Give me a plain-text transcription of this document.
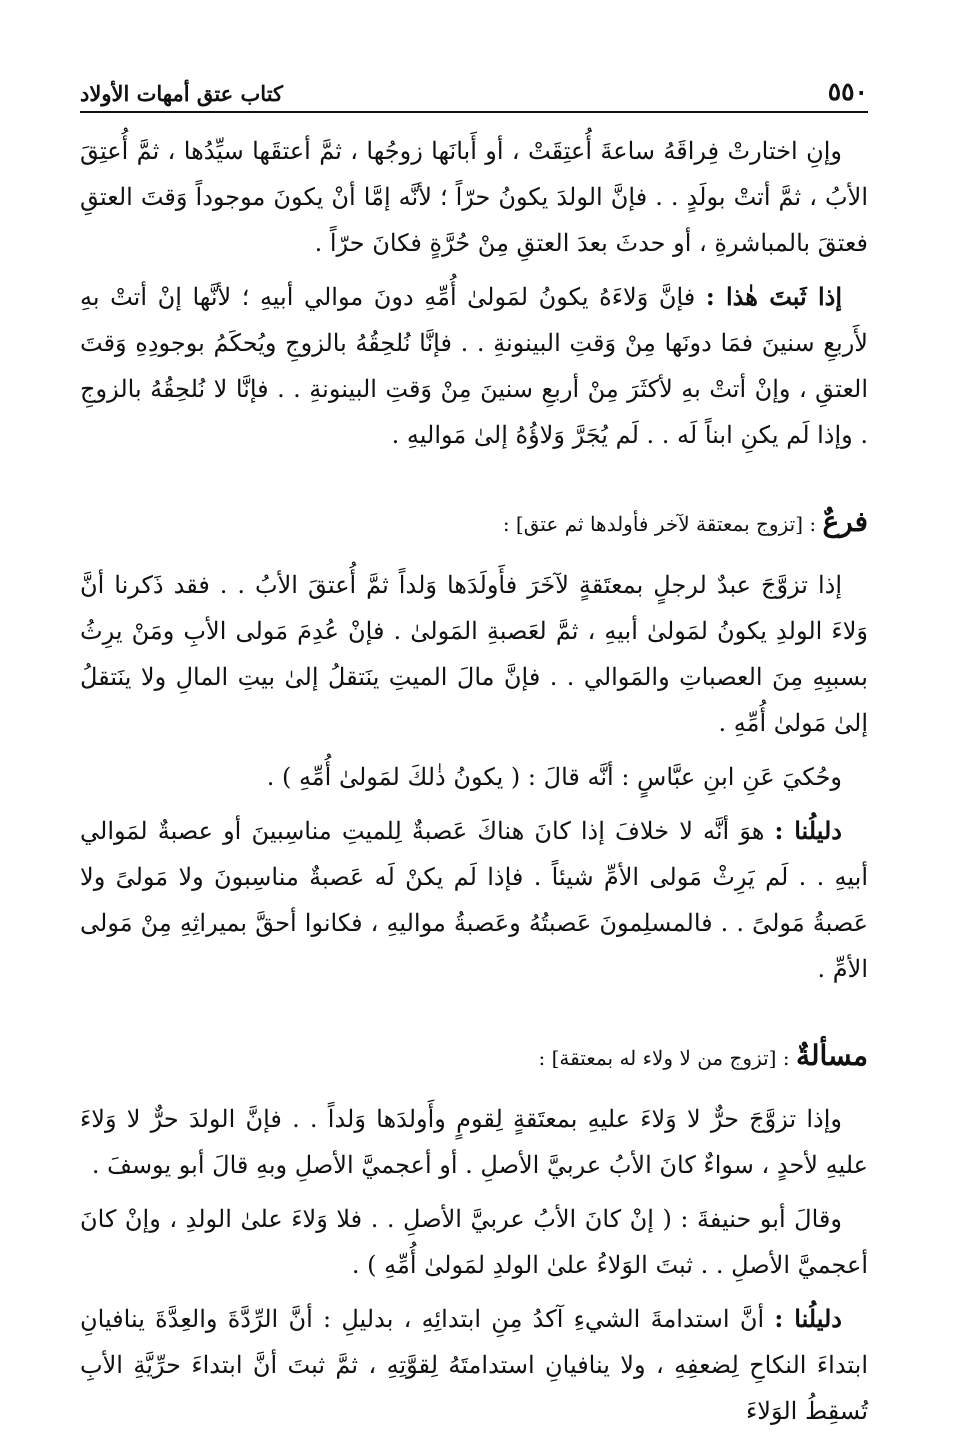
٥٥٠
كتاب عتق أمهات الأولاد

وإنِ اختارتْ فِراقَهُ ساعةَ أُعتِقَتْ ، أو أَبانَها زوجُها ، ثمَّ أعتقَها سيِّدُها ، ثمَّ أُعتِقَ الأبُ ، ثمَّ أتتْ بولَدٍ . . فإنَّ الولدَ يكونُ حرّاً ؛ لأنَّه إمَّا أنْ يكونَ موجوداً وَقتَ العتقِ فعتقَ بالمباشرةِ ، أو حدثَ بعدَ العتقِ مِنْ حُرَّةٍ فكانَ حرّاً .

إذا ثَبتَ هٰذا : فإنَّ وَلاءَهُ يكونُ لمَولىٰ أُمِّهِ دونَ موالي أبيهِ ؛ لأنَّها إنْ أتتْ بهِ لأَربعِ سنينَ فمَا دونَها مِنْ وَقتِ البينونةِ . . فإنَّا نُلحِقُهُ بالزوجِ ويُحكَمُ بوجودِهِ وَقتَ العتقِ ، وإنْ أتتْ بهِ لأكثَرَ مِنْ أربعِ سنينَ مِنْ وَقتِ البينونةِ . . فإنَّا لا نُلحِقُهُ بالزوجِ . وإذا لَم يكنِ ابناً لَه . . لَم يُجَرَّ وَلاؤُهُ إلىٰ مَواليهِ .

فرعٌ : [تزوج بمعتقة لآخر فأولدها ثم عتق] :

إذا تزوَّجَ عبدٌ لرجلٍ بمعتَقةٍ لآخَرَ فأَولَدَها وَلداً ثمَّ أُعتقَ الأبُ . . فقد ذَكرنا أنَّ وَلاءَ الولدِ يكونُ لمَولىٰ أبيهِ ، ثمَّ لعَصبةِ المَولىٰ . فإنْ عُدِمَ مَولى الأبِ ومَنْ يرِثُ بسببِهِ مِنَ العصباتِ والمَوالي . . فإنَّ مالَ الميتِ ينَتقلُ إلىٰ بيتِ المالِ ولا ينَتقلُ إلىٰ مَولىٰ أُمِّهِ .

وحُكيَ عَنِ ابنِ عبَّاسٍ : أنَّه قالَ : ( يكونُ ذٰلكَ لمَولىٰ أُمِّهِ ) .

دليلُنا : هوَ أنَّه لا خلافَ إذا كانَ هناكَ عَصبةٌ لِلميتِ مناسِبينَ أو عصبةٌ لمَوالي أبيهِ . . لَم يَرِثْ مَولى الأمِّ شيئاً . فإذا لَم يكنْ لَه عَصبةٌ مناسِبونَ ولا مَولىً ولا عَصبةُ مَولىً . . فالمسلِمونَ عَصبتُهُ وعَصبةُ مواليهِ ، فكانوا أحقَّ بميراثِهِ مِنْ مَولى الأمِّ .

مسألةٌ : [تزوج من لا ولاء له بمعتقة] :

وإذا تزوَّجَ حرٌّ لا وَلاءَ عليهِ بمعتَقةٍ لِقومٍ وأَولدَها وَلداً . . فإنَّ الولدَ حرٌّ لا وَلاءَ عليهِ لأحدٍ ، سواءٌ كانَ الأبُ عربيَّ الأصلِ . أو أعجميَّ الأصلِ وبهِ قالَ أبو يوسفَ .

وقالَ أبو حنيفةَ : ( إنْ كانَ الأبُ عربيَّ الأصلِ . . فلا وَلاءَ علىٰ الولدِ ، وإنْ كانَ أعجميَّ الأصلِ . . ثبتَ الوَلاءُ علىٰ الولدِ لمَولىٰ أُمِّهِ ) .

دليلُنا : أنَّ استدامةَ الشيءِ آكدُ مِنِ ابتدائِهِ ، بدليلِ : أنَّ الرِّدَّةَ والعِدَّةَ ينافيانِ ابتداءَ النكاحِ لِضعفِهِ ، ولا ينافيانِ استدامتَهُ لِقوَّتِهِ ، ثمَّ ثبتَ أنَّ ابتداءَ حرِّيَّةِ الأبِ تُسقِطُ الوَلاءَ
